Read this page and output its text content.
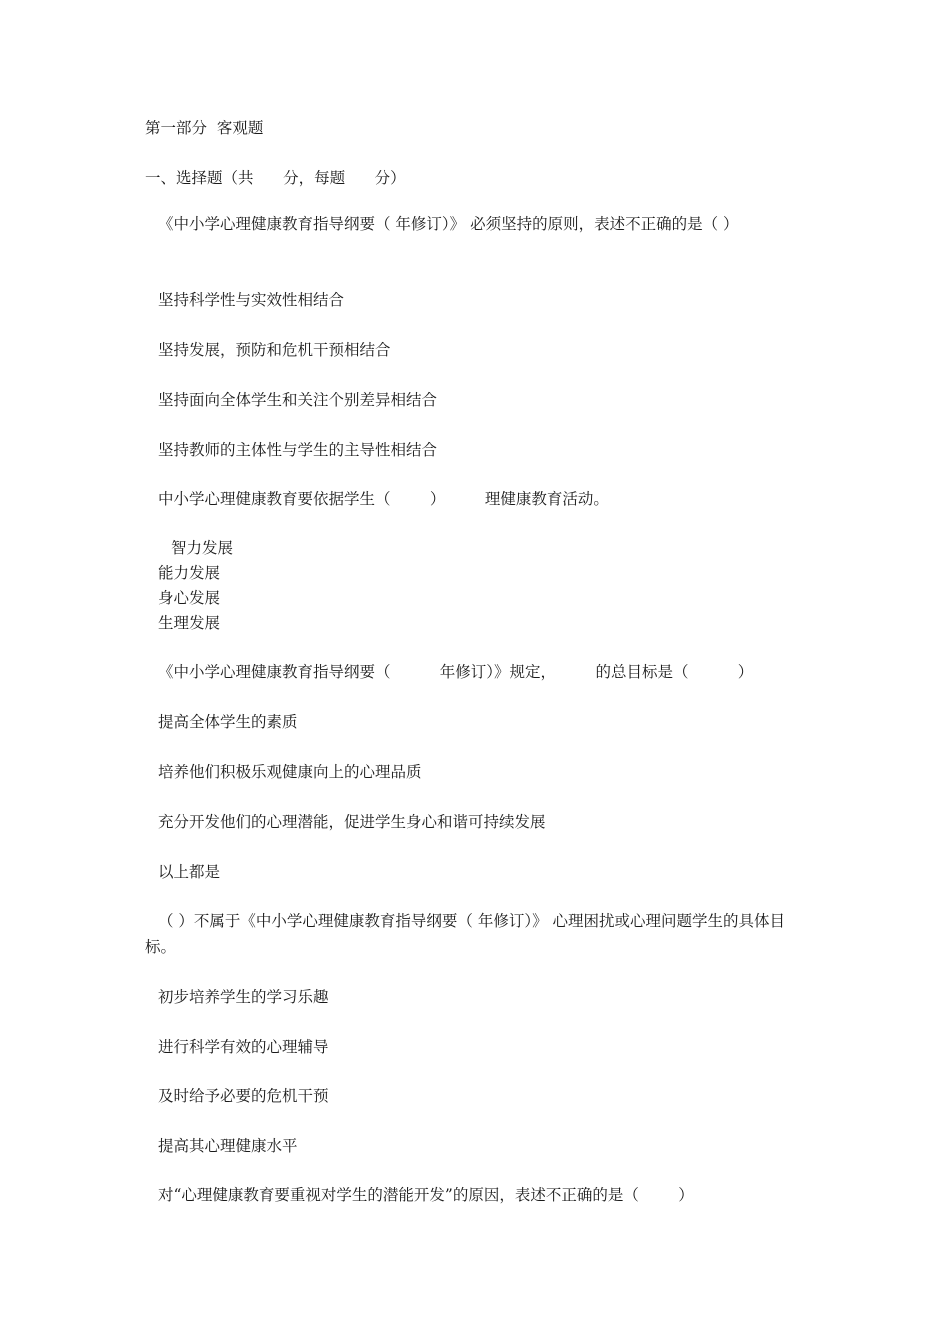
第一部分  客观题
一、选择题（共      分，每题      分）
《中小学心理健康教育指导纲要（ 年修订）》 必须坚持的原则，表述不正确的是（ ）
坚持科学性与实效性相结合
坚持发展，预防和危机干预相结合
坚持面向全体学生和关注个别差异相结合
坚持教师的主体性与学生的主导性相结合
中小学心理健康教育要依据学生（        ）        理健康教育活动。
智力发展
能力发展
身心发展
生理发展
《中小学心理健康教育指导纲要（          年修订）》规定，        的总目标是（          ）
提高全体学生的素质
培养他们积极乐观健康向上的心理品质
充分开发他们的心理潜能，促进学生身心和谐可持续发展
以上都是
（ ）不属于《中小学心理健康教育指导纲要（ 年修订）》 心理困扰或心理问题学生的具体目标。
初步培养学生的学习乐趣
进行科学有效的心理辅导
及时给予必要的危机干预
提高其心理健康水平
对“心理健康教育要重视对学生的潜能开发”的原因，表述不正确的是（        ）
